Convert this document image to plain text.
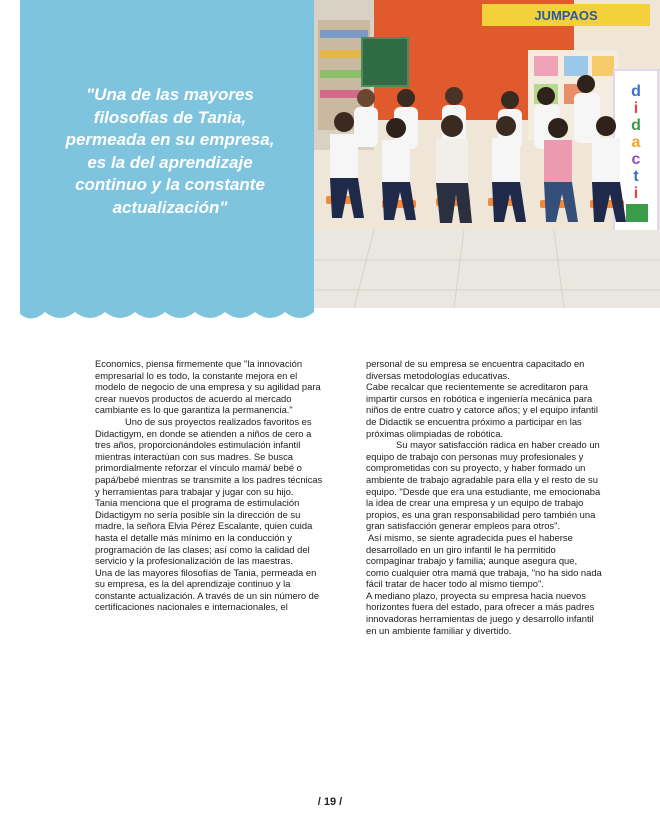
"Una de las mayores filosofías de Tania, permeada en su empresa, es la del aprendizaje continuo y la constante actualización"
JUMPAOS
d
i
d
a
c
t
i

Economics, piensa firmemente que "la innovación empresarial lo es todo, la constante mejora en el modelo de negocio de una empresa y su agilidad para crear nuevos productos de acuerdo al mercado cambiante es lo que garantiza la permanencia."

Uno de sus proyectos realizados favoritos es Didactigym, en donde se atienden a niños de cero a tres años, proporcionándoles estimulación infantil mientras interactúan con sus madres. Se busca primordialmente reforzar el vínculo mamá/ bebé o papá/bebé mientras se transmite a los padres técnicas y herramientas para trabajar y jugar con su hijo.

Tania menciona que el programa de estimulación Didactigym no sería posible sin la dirección de su madre, la señora Elvia Pérez Escalante, quien cuida hasta el detalle más mínimo en la conducción y programación de las clases; así como la calidad del servicio y la profesionalización de las maestras.

Una de las mayores filosofías de Tania, permeada en su empresa, es la del aprendizaje continuo y la constante actualización. A través de un sin número de certificaciones nacionales e internacionales, el

personal de su empresa se encuentra capacitado en diversas metodologías educativas.

Cabe recalcar que recientemente se acreditaron para impartir cursos en robótica e ingeniería mecánica para niños de entre cuatro y catorce años; y el equipo infantil de Didactik se encuentra próximo a participar en las próximas olimpiadas de robótica.

Su mayor satisfacción radica en haber creado un equipo de trabajo con personas muy profesionales y comprometidas con su proyecto, y haber formado un ambiente de trabajo agradable para ella y el resto de su equipo. "Desde que era una estudiante, me emocionaba la idea de crear una empresa y un equipo de trabajo propios, es una gran responsabilidad pero también una gran satisfacción generar empleos para otros".

Así mismo, se siente agradecida pues el haberse desarrollado en un giro infantil le ha permitido compaginar trabajo y familia; aunque asegura que, como cualquier otra mamá que trabaja, "no ha sido nada fácil tratar de hacer todo al mismo tiempo".

A mediano plazo, proyecta su empresa hacia nuevos horizontes fuera del estado, para ofrecer a más padres innovadoras herramientas de juego y desarrollo infantil en un ambiente familiar y divertido.

/ 19 /
